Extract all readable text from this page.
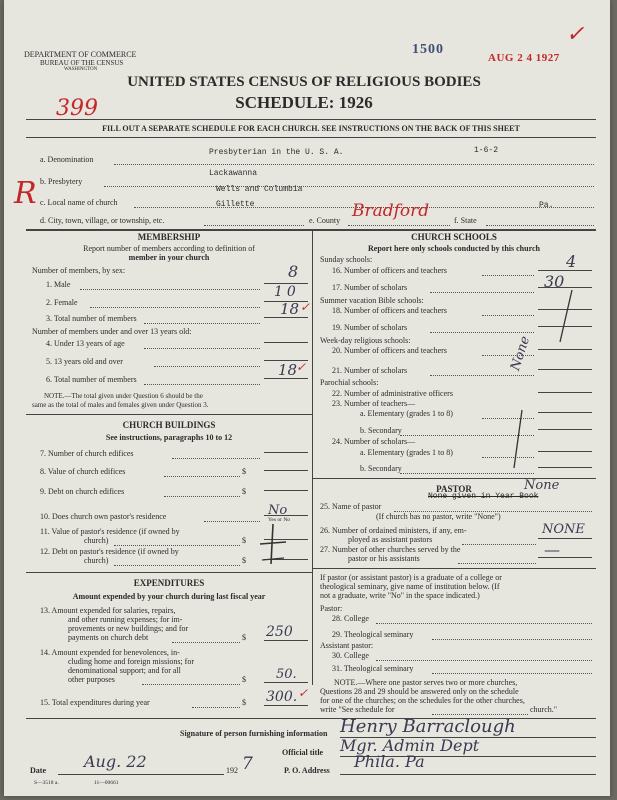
DEPARTMENT OF COMMERCE
BUREAU OF THE CENSUS
WASHINGTON
1500
AUG 2 4 1927
✓
UNITED STATES CENSUS OF RELIGIOUS BODIES
SCHEDULE: 1926
399
FILL OUT A SEPARATE SCHEDULE FOR EACH CHURCH. SEE INSTRUCTIONS ON THE BACK OF THIS SHEET
R
a. Denomination
Presbyterian in the U. S. A.	1-6-2
b. Presbytery
Lackawanna
c. Local name of church
Wells and Columbia
d. City, town, village, or township, etc.
Gillette
e. County Bradford	f. State
Pa.
MEMBERSHIP
Report number of members according to definition of
member in your church
Number of members, by sex:
1. Male
8
2. Female
10
3. Total number of members
18 ✓
Number of members under and over 13 years old:
4. Under 13 years of age
5. 13 years old and over
6. Total number of members
18
✓
NOTE.—The total given under Question 6 should be the
same as the total of males and females given under Question 3.
CHURCH BUILDINGS
See instructions, paragraphs 10 to 12
7. Number of church edifices
8. Value of church edifices	$
9. Debt on church edifices	$
10. Does church own pastor's residence	No
Yes or No
11. Value of pastor's residence (if owned by
church)	$
12. Debt on pastor's residence (if owned by
church)	$
EXPENDITURES
Amount expended by your church during last fiscal year
13. Amount expended for salaries, repairs,
and other running expenses; for im-
provements or new buildings; and for
payments on church debt	$ 250
14. Amount expended for benevolences, in-
cluding home and foreign missions; for
denominational support; and for all
other purposes	$ 50.
15. Total expenditures during year	$ 300. ✓
CHURCH SCHOOLS
Report here only schools conducted by this church
Sunday schools:
16. Number of officers and teachers	4
17. Number of scholars	30
Summer vacation Bible schools:
18. Number of officers and teachers
19. Number of scholars
Week-day religious schools:
20. Number of officers and teachers
21. Number of scholars
Parochial schools:
22. Number of administrative officers
23. Number of teachers—
a. Elementary (grades 1 to 8)
b. Secondary
24. Number of scholars—
a. Elementary (grades 1 to 8)
b. Secondary
None
PASTOR	None
25. Name of pastor
None given in Year Book
(If church has no pastor, write "None")
26. Number of ordained ministers, if any, em-
ployed as assistant pastors
NONE
27. Number of other churches served by the
pastor or his assistants	—
If pastor (or assistant pastor) is a graduate of a college or
theological seminary, give name of institution below. (If
not a graduate, write "No" in the space indicated.)
Pastor:
28. College
29. Theological seminary
Assistant pastor:
30. College
31. Theological seminary
NOTE.—Where one pastor serves two or more churches,
Questions 28 and 29 should be answered only on the schedule
for one of the churches; on the schedules for the other churches,
write "See schedule for	church."
Signature of person furnishing information Henry Barraclough
Official title Mgr. Admin Dept
Date Aug. 22	192 7	P. O. Address Phila. Pa
S—3518 a.	11—00661
